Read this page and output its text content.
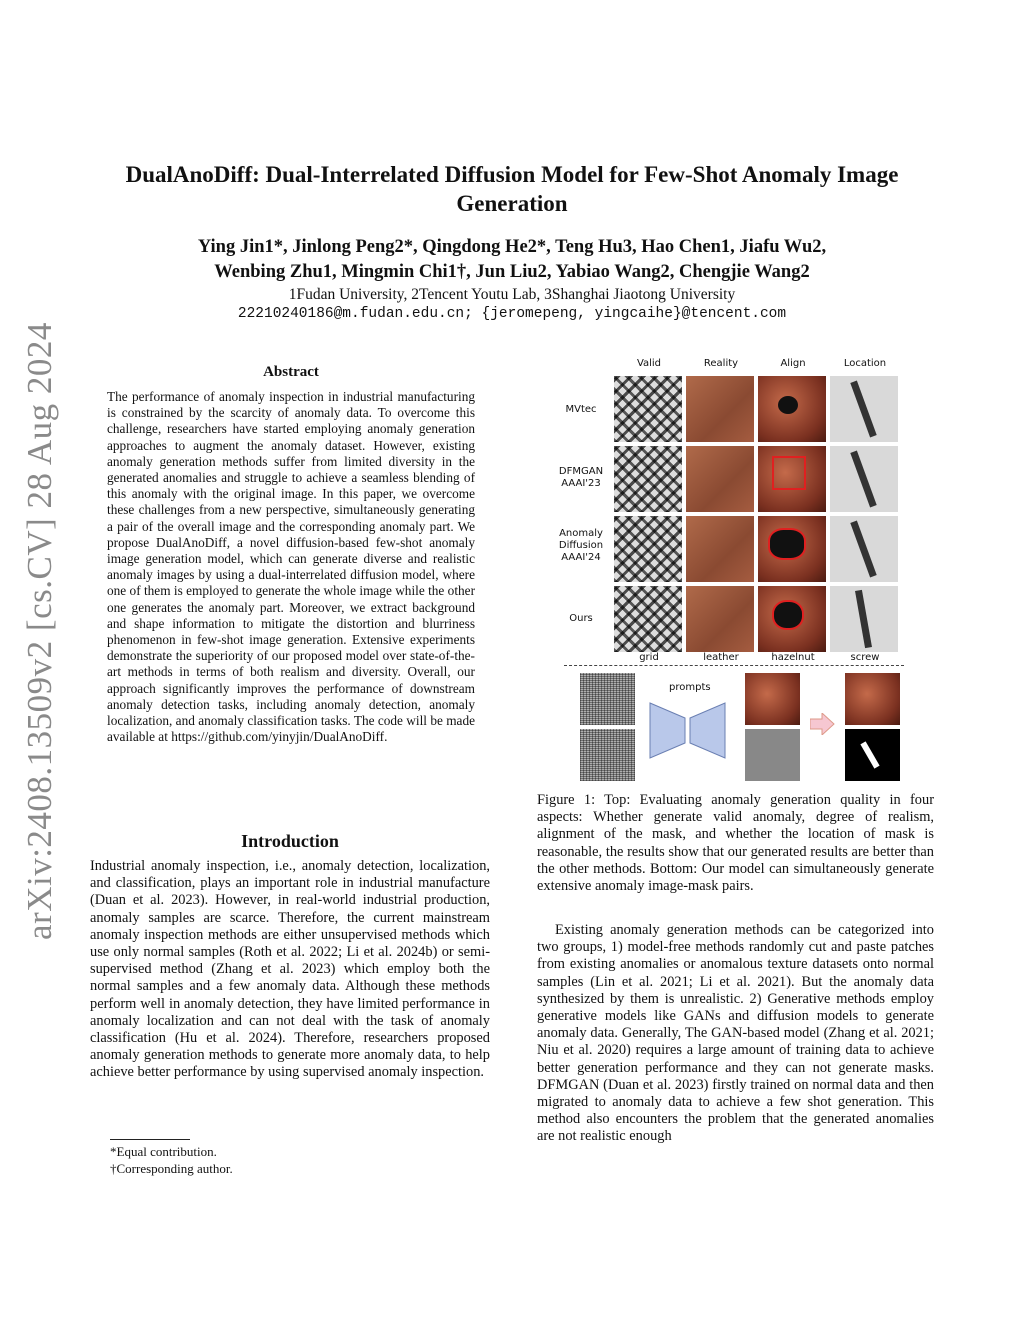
arXiv:2408.13509v2 [cs.CV] 28 Aug 2024
DualAnoDiff: Dual-Interrelated Diffusion Model for Few-Shot Anomaly Image Generation
Ying Jin1*, Jinlong Peng2*, Qingdong He2*, Teng Hu3, Hao Chen1, Jiafu Wu2,
Wenbing Zhu1, Mingmin Chi1†, Jun Liu2, Yabiao Wang2, Chengjie Wang2
1Fudan University, 2Tencent Youtu Lab, 3Shanghai Jiaotong University
22210240186@m.fudan.edu.cn; {jeromepeng, yingcaihe}@tencent.com
Abstract
The performance of anomaly inspection in industrial manufacturing is constrained by the scarcity of anomaly data. To overcome this challenge, researchers have started employing anomaly generation approaches to augment the anomaly dataset. However, existing anomaly generation methods suffer from limited diversity in the generated anomalies and struggle to achieve a seamless blending of this anomaly with the original image. In this paper, we overcome these challenges from a new perspective, simultaneously generating a pair of the overall image and the corresponding anomaly part. We propose DualAnoDiff, a novel diffusion-based few-shot anomaly image generation model, which can generate diverse and realistic anomaly images by using a dual-interrelated diffusion model, where one of them is employed to generate the whole image while the other one generates the anomaly part. Moreover, we extract background and shape information to mitigate the distortion and blurriness phenomenon in few-shot image generation. Extensive experiments demonstrate the superiority of our proposed model over state-of-the-art methods in terms of both realism and diversity. Overall, our approach significantly improves the performance of downstream anomaly detection tasks, including anomaly detection, anomaly localization, and anomaly classification tasks. The code will be made available at https://github.com/yinyjin/DualAnoDiff.
Introduction
Industrial anomaly inspection, i.e., anomaly detection, localization, and classification, plays an important role in industrial manufacture (Duan et al. 2023). However, in real-world industrial production, anomaly samples are scarce. Therefore, the current mainstream anomaly inspection methods are either unsupervised methods which use only normal samples (Roth et al. 2022; Li et al. 2024b) or semi-supervised method (Zhang et al. 2023) which employ both the normal samples and a few anomaly data. Although these methods perform well in anomaly detection, they have limited performance in anomaly localization and can not deal with the task of anomaly classification (Hu et al. 2024). Therefore, researchers proposed anomaly generation methods to generate more anomaly data, to help achieve better performance by using supervised anomaly inspection.
*Equal contribution.
†Corresponding author.
Valid	Reality	Align	Location
MVtec
DFMGAN AAAI'23
Anomaly Diffusion AAAI'24
Ours
grid	leather	hazelnut	screw
prompts
Figure 1: Top: Evaluating anomaly generation quality in four aspects: Whether generate valid anomaly, degree of realism, alignment of the mask, and whether the location of mask is reasonable, the results show that our generated results are better than the other methods. Bottom: Our model can simultaneously generate extensive anomaly image-mask pairs.
Existing anomaly generation methods can be categorized into two groups, 1) model-free methods randomly cut and paste patches from existing anomalies or anomalous texture datasets onto normal samples (Lin et al. 2021; Li et al. 2021). But the anomaly data synthesized by them is unrealistic. 2) Generative methods employ generative models like GANs and diffusion models to generate anomaly data. Generally, The GAN-based model (Zhang et al. 2021; Niu et al. 2020) requires a large amount of training data to achieve better generation performance and they can not generate masks. DFMGAN (Duan et al. 2023) firstly trained on normal data and then migrated to anomaly data to achieve a few shot generation. This method also encounters the problem that the generated anomalies are not realistic enough
